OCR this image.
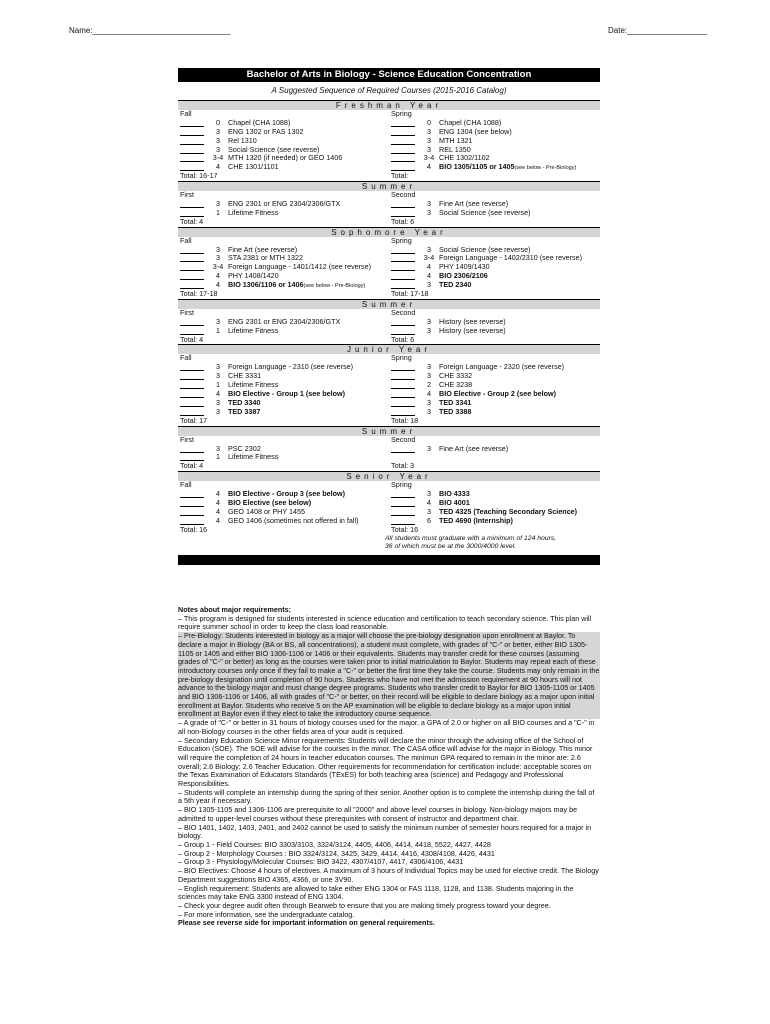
Name:_______________________________	Date:__________________
Bachelor of Arts in Biology - Science Education Concentration
A Suggested Sequence of Required Courses (2015-2016 Catalog)
Freshman Year
Fall	Spring
0	Chapel (CHA 1088)	0	Chapel (CHA 1088)
3	ENG 1302 or FAS 1302	3	ENG 1304 (see below)
3	Rel 1310	3	MTH 1321
3	Social Science (see reverse)	3	REL 1350
3-4 MTH 1320 (if needed) or GEO 1406	3-4 CHE 1302/1102
4	CHE 1301/1101	4	BIO 1305/1105 or 1405(see below - Pre-Biology)
Total: 16-17	Total:
Summer
First	Second
3	ENG 2301 or ENG 2304/2306/GTX	3	Fine Art (see reverse)
1	Lifetime Fitness	3	Social Science (see reverse)
Total: 4	Total: 6
Sophomore Year
Fall	Spring
3	Fine Art (see reverse)	3	Social Science (see reverse)
3	STA 2381 or MTH 1322	3-4 Foreign Language - 1402/2310 (see reverse)
3-4 Foreign Language - 1401/1412 (see reverse)	4	PHY 1409/1430
4	PHY 1408/1420	4	BIO 2306/2106
4	BIO 1306/1106 or 1406(see below - Pre-Biology)	3	TED 2340
Total: 17-18	Total: 17-18
Summer
First	Second
3	ENG 2301 or ENG 2304/2306/GTX	3	History (see reverse)
1	Lifetime Fitness	3	History (see reverse)
Total: 4	Total: 6
Junior Year
Fall	Spring
3	Foreign Language - 2310 (see reverse)	3	Foreign Language - 2320 (see reverse)
3	CHE 3331	3	CHE 3332
1	Lifetime Fitness	2	CHE 3238
4	BIO Elective - Group 1 (see below)	4	BIO Elective - Group 2 (see below)
3	TED 3340	3	TED 3341
3	TED 3387	3	TED 3388
Total: 17	Total: 18
Summer
First	Second
3	PSC 2302	3	Fine Art (see reverse)
1	Lifetime Fitness
Total: 4	Total: 3
Senior Year
Fall	Spring
4	BIO Elective - Group 3 (see below)	3	BIO 4333
4	BIO Elective (see below)	4	BIO 4001
4	GEO 1408 or PHY 1455	3	TED 4325 (Teaching Secondary Science)
4	GEO 1406 (sometimes not offered in fall)	6	TED 4690 (Internship)
Total: 16	Total: 16
All students must graduate with a minimum of 124 hours,
36 of which must be at the 3000/4000 level.

Notes about major requirements:

– This program is designed for students interested in science education and certification to teach secondary science. This plan will require summer school in order to keep the class load reasonable.

– Pre-Biology: Students interested in biology as a major will choose the pre-biology designation upon enrollment at Baylor. To declare a major in Biology (BA or BS, all concentrations), a student must complete, with grades of "C-" or better, either BIO 1305-1105 or 1405 and either BIO 1306-1106 or 1406 or their equivalents. Students may transfer credit for these courses (assuming grades of "C-" or better) as long as the courses were taken prior to initial matriculation to Baylor. Students may repeat each of these introductory courses only once if they fail to make a "C-" or better the first time they take the course. Students may only remain in the pre-biology designation until completion of 90 hours. Students who have not met the admission requirement at 90 hours will not advance to the biology major and must change degree programs. Students who transfer credit to Baylor for BIO 1305-1105 or 1405 and BIO 1306-1106 or 1406, all with grades of "C-" or better, on their record will be eligible to declare biology as a major upon initial enrollment at Baylor. Students who receive 5 on the AP examination will be eligible to declare biology as a major upon initial enrollment at Baylor even if they elect to take the introductory course sequence.

– A grade of "C-" or better in 31 hours of biology courses used for the major, a GPA of 2.0 or higher on all BIO courses and a "C-" in all non-Biology courses in the other fields area of your audit is required.

– Secondary Education Science Minor requirements: Students will declare the minor through the advising office of the School of Education (SOE). The SOE will advise for the courses in the minor. The CASA office will advise for the major in Biology. This minor will require the completion of 24 hours in teacher education courses. The minimun GPA required to remain in the minor are: 2.6 overall; 2.6 Biology; 2.6 Teacher Education. Other requirements for recommendation for certification include: acceptable scores on the Texas Examination of Educators Standards (TExES) for both teaching area (science) and Pedagogy and Professional Responsibilities.

– Students will complete an internship during the spring of their senior. Another option is to complete the internship during the fall of a 5th year if necessary.

– BIO 1305-1105 and 1306-1106 are prerequisite to all "2000" and above level courses in biology. Non-biology majors may be admitted to upper-level courses without these prerequisites with consent of instructor and department chair.

– BIO 1401, 1402, 1403, 2401, and 2402 cannot be used to satisfy the minimum number of semester hours required for a major in biology.

– Group 1 - Field Courses: BIO 3303/3103, 3324/3124, 4405, 4406, 4414, 4418, 5522, 4427, 4428

– Group 2 - Morphology Courses : BIO 3324/3124, 3425, 3429, 4414, 4416, 4308/4108, 4426, 4431

– Group 3 - Physiology/Molecular Courses: BIO 3422, 4307/4107, 4417, 4306/4106, 4431

– BIO Electives: Choose 4 hours of electives. A maximum of 3 hours of Individual Topics may be used for elective credit. The Biology Department suggestions BIO 4365, 4366, or one 3V90.

– English requirement: Students are allowed to take either ENG 1304 or FAS 1118, 1128, and 1138. Students majoring in the sciences may take ENG 3300 instead of ENG 1304.

– Check your degree audit often through Bearweb to ensure that you are making timely progress toward your degree.

– For more information, see the undergraduate catalog.

Please see reverse side for important information on general requirements.
